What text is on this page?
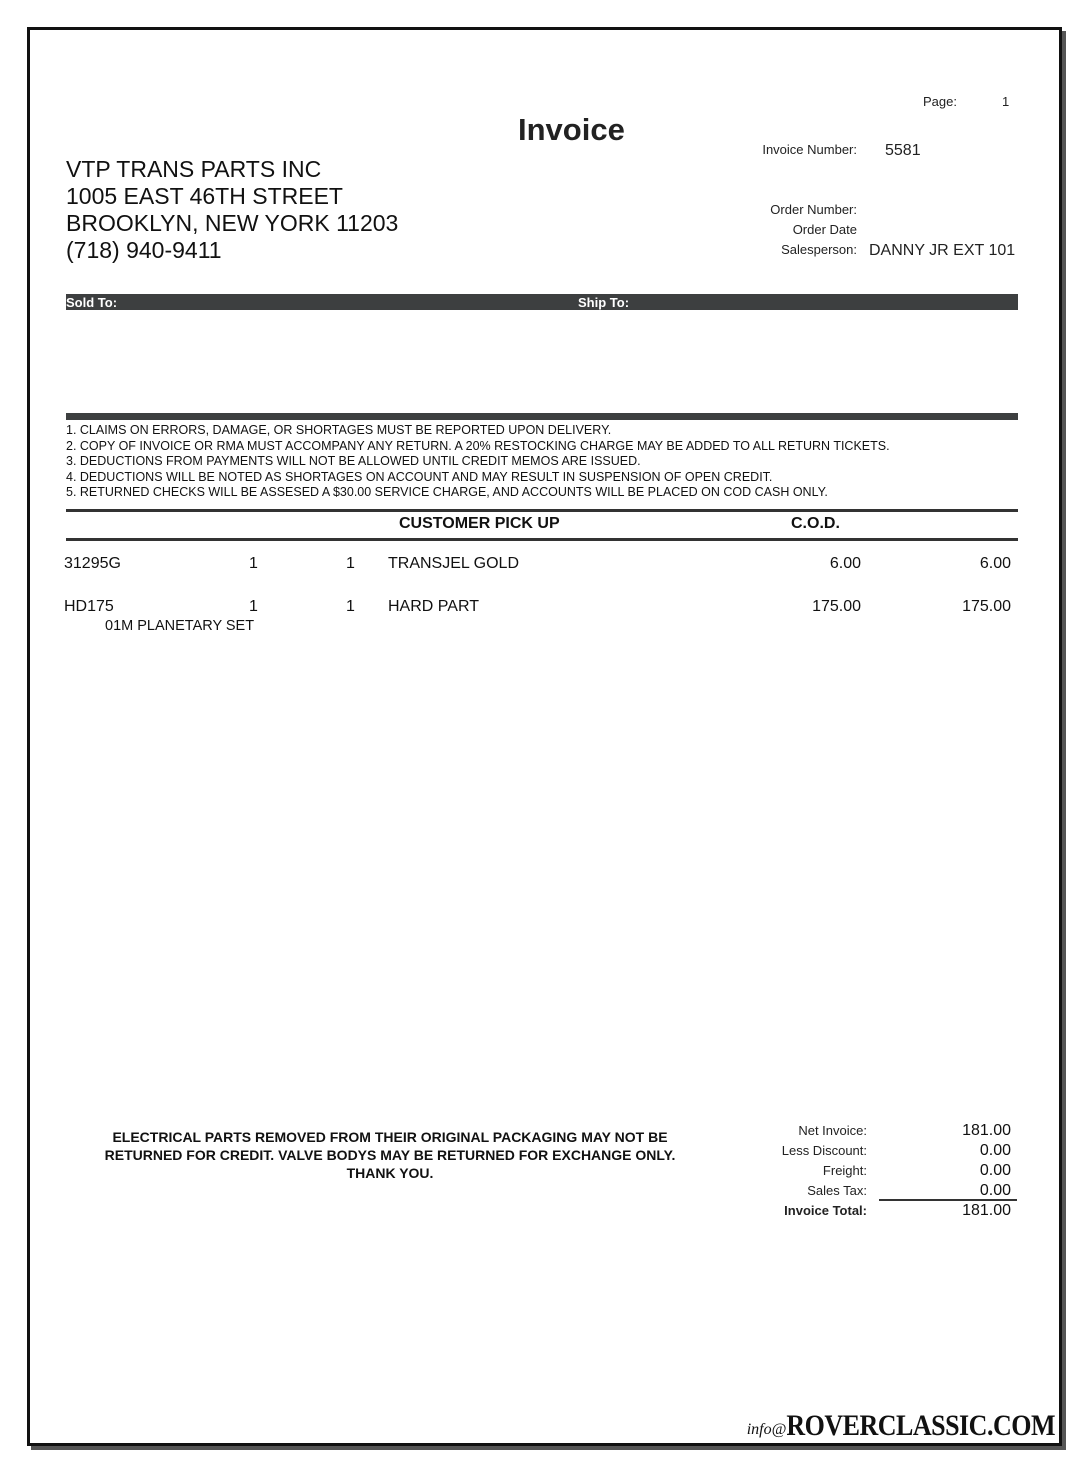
Invoice
Page:	1
VTP TRANS PARTS INC
1005 EAST 46TH STREET
BROOKLYN, NEW YORK 11203
(718) 940-9411
Invoice Number: 5581
Order Number:
Order Date
Salesperson: DANNY JR EXT 101
Sold To:	Ship To:
1. CLAIMS ON ERRORS, DAMAGE, OR SHORTAGES MUST BE REPORTED UPON DELIVERY.
2. COPY OF INVOICE OR RMA MUST ACCOMPANY ANY RETURN. A 20% RESTOCKING CHARGE MAY BE ADDED TO ALL RETURN TICKETS.
3. DEDUCTIONS FROM PAYMENTS WILL NOT BE ALLOWED UNTIL CREDIT MEMOS ARE ISSUED.
4. DEDUCTIONS WILL BE NOTED AS SHORTAGES ON ACCOUNT AND MAY RESULT IN SUSPENSION OF OPEN CREDIT.
5. RETURNED CHECKS WILL BE ASSESED A $30.00 SERVICE CHARGE, AND ACCOUNTS WILL BE PLACED ON COD CASH ONLY.
CUSTOMER PICK UP	C.O.D.
31295G	1	1 TRANSJEL GOLD	6.00	6.00
HD175	1	1 HARD PART	175.00	175.00
01M PLANETARY SET
ELECTRICAL PARTS REMOVED FROM THEIR ORIGINAL PACKAGING MAY NOT BE
RETURNED FOR CREDIT. VALVE BODYS MAY BE RETURNED FOR EXCHANGE ONLY.
THANK YOU.
Net Invoice:	181.00
Less Discount:	0.00
Freight:	0.00
Sales Tax:	0.00
Invoice Total:	181.00
info@ROVERCLASSIC.COM
